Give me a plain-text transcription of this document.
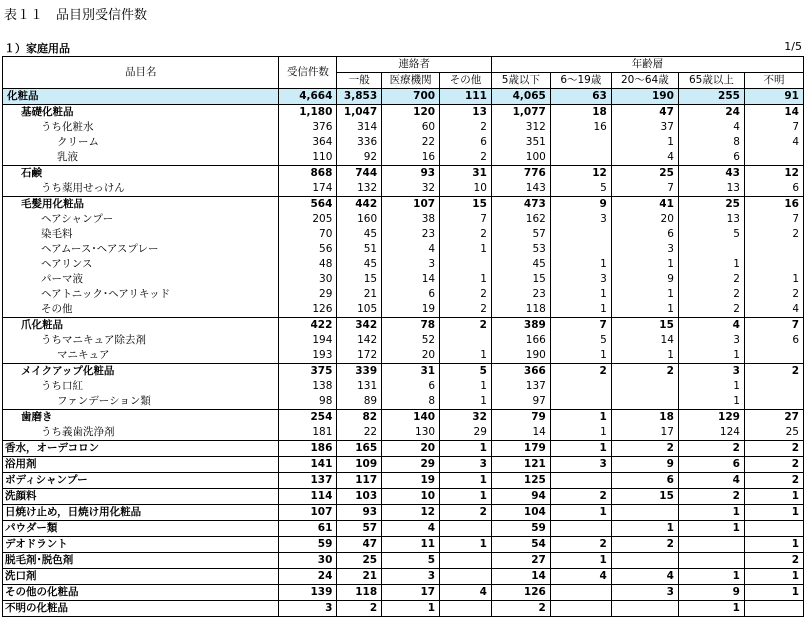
表１１　品目別受信件数
１）家庭用品	1/5
品目名	受信件数	連絡者			年齢層				
		一般	医療機関	その他	5歳以下	6～19歳	20～64歳	65歳以上	不明
化粧品	4,664	3,853	700	111	4,065	63	190	255	91
基礎化粧品	1,180	1,047	120	13	1,077	18	47	24	14
うち化粧水	376	314	60	2	312	16	37	4	7
クリーム	364	336	22	6	351		1	8	4
乳液	110	92	16	2	100		4	6	
石鹸	868	744	93	31	776	12	25	43	12
うち薬用せっけん	174	132	32	10	143	5	7	13	6
毛髪用化粧品	564	442	107	15	473	9	41	25	16
ヘアシャンプー	205	160	38	7	162	3	20	13	7
染毛料	70	45	23	2	57		6	5	2
ヘアムース･ヘアスプレー	56	51	4	1	53		3		
ヘアリンス	48	45	3		45	1	1	1	
パーマ液	30	15	14	1	15	3	9	2	1
ヘアトニック･ヘアリキッド	29	21	6	2	23	1	1	2	2
その他	126	105	19	2	118	1	1	2	4
爪化粧品	422	342	78	2	389	7	15	4	7
うちマニキュア除去剤	194	142	52		166	5	14	3	6
マニキュア	193	172	20	1	190	1	1	1	
メイクアップ化粧品	375	339	31	5	366	2	2	3	2
うち口紅	138	131	6	1	137			1	
ファンデーション類	98	89	8	1	97			1	
歯磨き	254	82	140	32	79	1	18	129	27
うち義歯洗浄剤	181	22	130	29	14	1	17	124	25
香水，オーデコロン	186	165	20	1	179	1	2	2	2
浴用剤	141	109	29	3	121	3	9	6	2
ボディシャンプー	137	117	19	1	125		6	4	2
洗顔料	114	103	10	1	94	2	15	2	1
日焼け止め，日焼け用化粧品	107	93	12	2	104	1		1	1
パウダー類	61	57	4		59		1	1	
デオドラント	59	47	11	1	54	2	2		1
脱毛剤･脱色剤	30	25	5		27	1			2
洗口剤	24	21	3		14	4	4	1	1
その他の化粧品	139	118	17	4	126		3	9	1
不明の化粧品	3	2	1		2			1	
